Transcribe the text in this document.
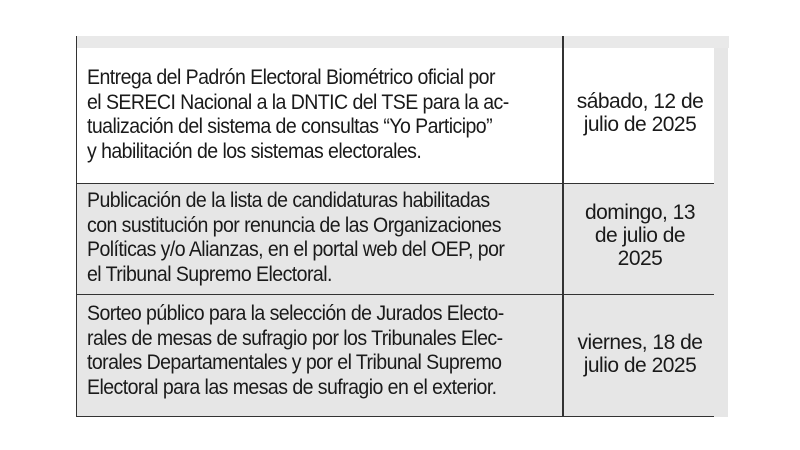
Entrega del Padrón Electoral Biométrico oficial por
el SERECI Nacional a la DNTIC del TSE para la ac-
tualización del sistema de consultas “Yo Participo”
y habilitación de los sistemas electorales.
sábado, 12 de
julio de 2025
Publicación de la lista de candidaturas habilitadas
con sustitución por renuncia de las Organizaciones
Políticas y/o Alianzas, en el portal web del OEP, por
el Tribunal Supremo Electoral.
domingo, 13
de julio de
2025
Sorteo público para la selección de Jurados Electo-
rales de mesas de sufragio por los Tribunales Elec-
torales Departamentales y por el Tribunal Supremo
Electoral para las mesas de sufragio en el exterior.
viernes, 18 de
julio de 2025
